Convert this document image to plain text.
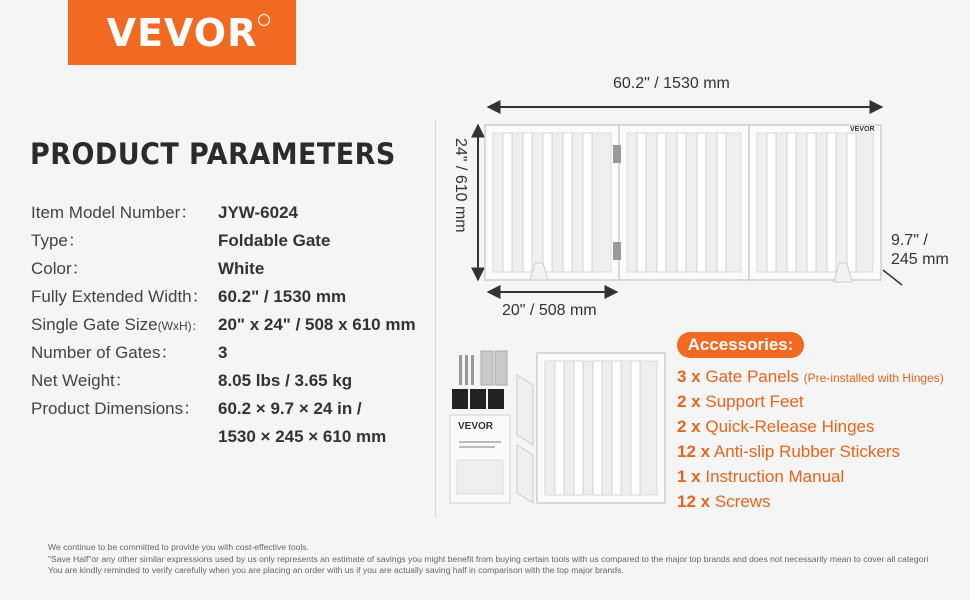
VEVOR
PRODUCT PARAMETERS
Item Model Number： JYW-6024
Type：	Foldable Gate
Color：	White
Fully Extended Width： 60.2" / 1530 mm
Single Gate Size(WxH)： 20" x 24" / 508 x 610 mm
Number of Gates： 3
Net Weight：	8.05 lbs / 3.65 kg
Product Dimensions： 60.2 × 9.7 × 24 in /
1530 × 245 × 610 mm
VEVOR
60.2" / 1530 mm
24" / 610 mm
9.7" /
245 mm
20" / 508 mm
VEVOR
Accessories:
3 x Gate Panels (Pre-installed with Hinges)
2 x Support Feet
2 x Quick-Release Hinges
12 x Anti-slip Rubber Stickers
1 x Instruction Manual
12 x Screws
We continue to be committed to provide you with cost-effective tools.
"Save Half"or any other similar expressions used by us only represents an estimate of savings you might benefit from buying certain tools with us compared to the major top brands and does not necessarily mean to cover all categori
You are kindly reminded to verify carefully when you are placing an order with us if you are actually saving half in comparison with the top major brands.
